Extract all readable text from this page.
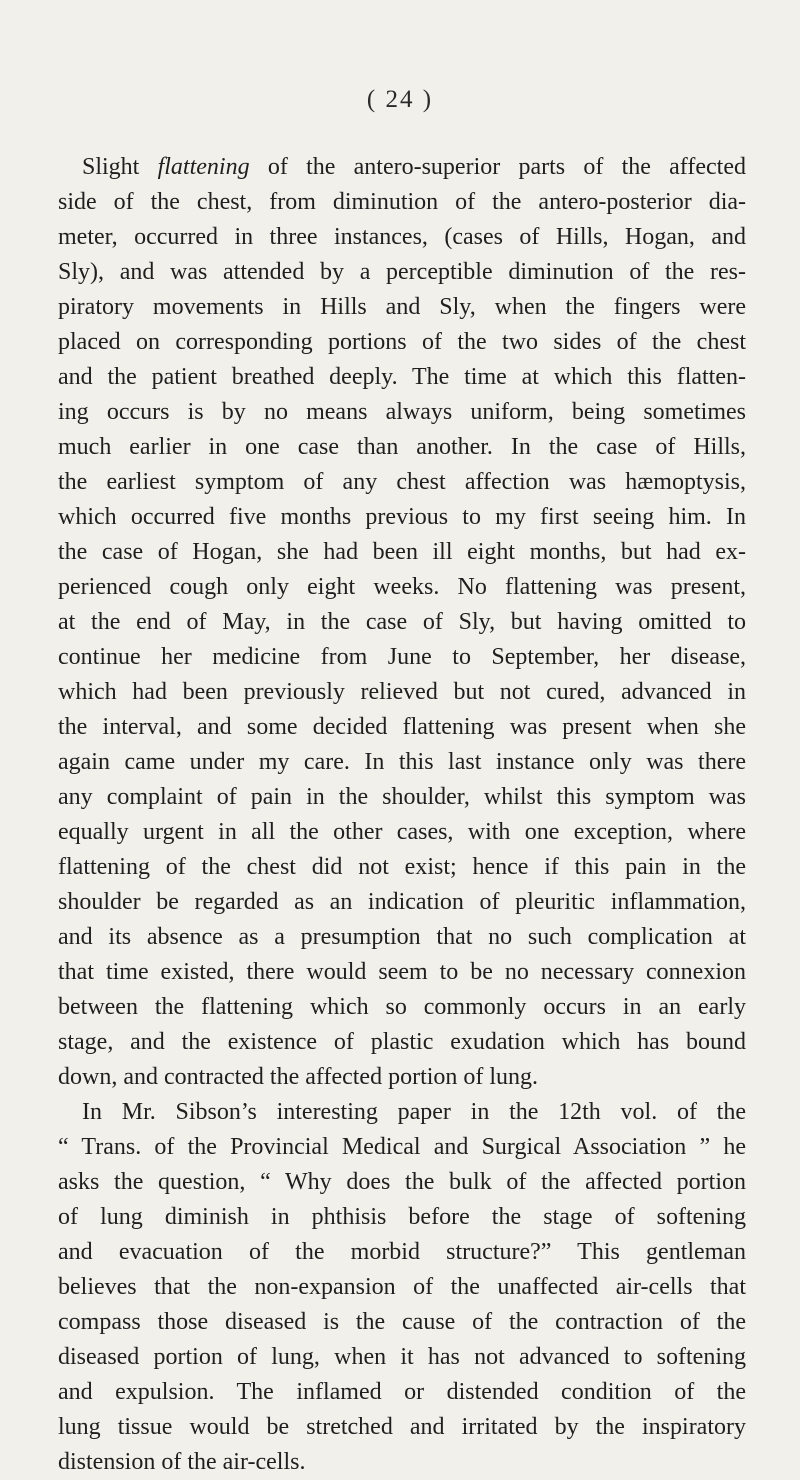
( 24 )
Slight flattening of the antero-superior parts of the affected
side of the chest, from diminution of the antero-posterior dia-
meter, occurred in three instances, (cases of Hills, Hogan, and
Sly), and was attended by a perceptible diminution of the res-
piratory movements in Hills and Sly, when the fingers were
placed on corresponding portions of the two sides of the chest
and the patient breathed deeply. The time at which this flatten-
ing occurs is by no means always uniform, being sometimes
much earlier in one case than another. In the case of Hills,
the earliest symptom of any chest affection was hæmoptysis,
which occurred five months previous to my first seeing him. In
the case of Hogan, she had been ill eight months, but had ex-
perienced cough only eight weeks. No flattening was present,
at the end of May, in the case of Sly, but having omitted to
continue her medicine from June to September, her disease,
which had been previously relieved but not cured, advanced in
the interval, and some decided flattening was present when she
again came under my care. In this last instance only was there
any complaint of pain in the shoulder, whilst this symptom was
equally urgent in all the other cases, with one exception, where
flattening of the chest did not exist; hence if this pain in the
shoulder be regarded as an indication of pleuritic inflammation,
and its absence as a presumption that no such complication at
that time existed, there would seem to be no necessary connexion
between the flattening which so commonly occurs in an early
stage, and the existence of plastic exudation which has bound
down, and contracted the affected portion of lung.
In Mr. Sibson’s interesting paper in the 12th vol. of the
“ Trans. of the Provincial Medical and Surgical Association ” he
asks the question, “ Why does the bulk of the affected portion
of lung diminish in phthisis before the stage of softening
and evacuation of the morbid structure?” This gentleman
believes that the non-expansion of the unaffected air-cells that
compass those diseased is the cause of the contraction of the
diseased portion of lung, when it has not advanced to softening
and expulsion. The inflamed or distended condition of the
lung tissue would be stretched and irritated by the inspiratory
distension of the air-cells.
